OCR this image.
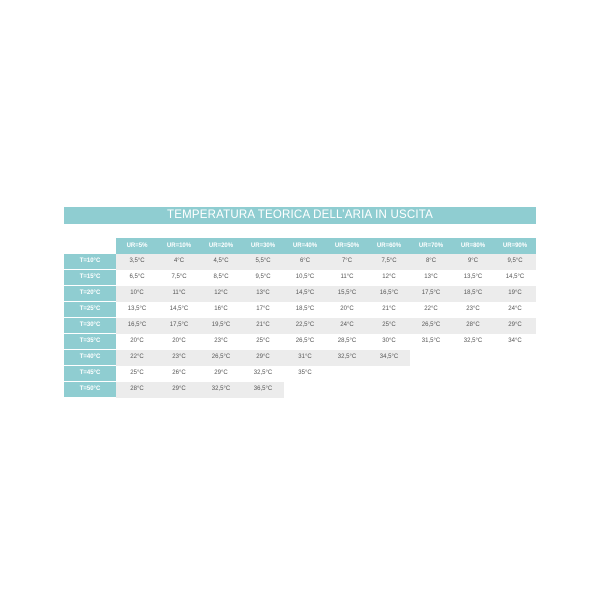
TEMPERATURA TEORICA DELL’ARIA IN USCITA
	UR=5%	UR=10%	UR=20%	UR=30%	UR=40%	UR=50%	UR=60%	UR=70%	UR=80%	UR=90%
T=10°C	3,5°C	4°C	4,5°C	5,5°C	6°C	7°C	7,5°C	8°C	9°C	9,5°C
T=15°C	6,5°C	7,5°C	8,5°C	9,5°C	10,5°C	11°C	12°C	13°C	13,5°C	14,5°C
T=20°C	10°C	11°C	12°C	13°C	14,5°C	15,5°C	16,5°C	17,5°C	18,5°C	19°C
T=25°C	13,5°C	14,5°C	16°C	17°C	18,5°C	20°C	21°C	22°C	23°C	24°C
T=30°C	16,5°C	17,5°C	19,5°C	21°C	22,5°C	24°C	25°C	26,5°C	28°C	29°C
T=35°C	20°C	20°C	23°C	25°C	26,5°C	28,5°C	30°C	31,5°C	32,5°C	34°C
T=40°C	22°C	23°C	26,5°C	29°C	31°C	32,5°C	34,5°C			
T=45°C	25°C	26°C	29°C	32,5°C	35°C					
T=50°C	28°C	29°C	32,5°C	36,5°C						
